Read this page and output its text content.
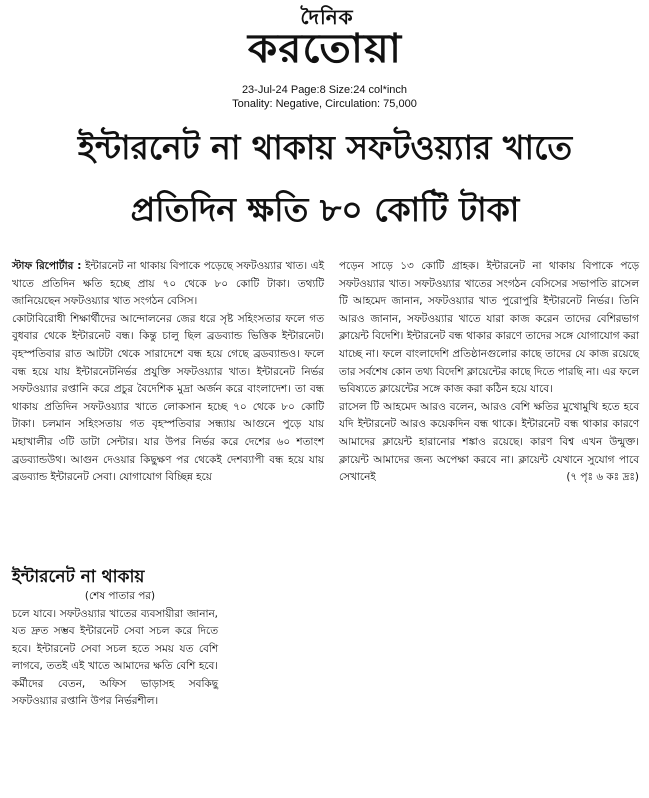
দৈনিক
করতোয়া
23-Jul-24 Page:8 Size:24 col*inch
Tonality: Negative, Circulation: 75,000
ইন্টারনেট না থাকায় সফটওয়্যার খাতে
প্রতিদিন ক্ষতি ৮০ কোটি টাকা

স্টাফ রিপোর্টার : ইন্টারনেট না থাকায় বিপাকে পড়েছে সফটওয়্যার খাত। এই খাতে প্রতিদিন ক্ষতি হচ্ছে প্রায় ৭০ থেকে ৮০ কোটি টাকা। তথ্যটি জানিয়েছেন সফটওয়্যার খাত সংগঠন বেসিস।

কোটাবিরোধী শিক্ষার্থীদের আন্দোলনের জের ধরে সৃষ্ট সহিংসতার ফলে গত বুধবার থেকে ইন্টারনেট বন্ধ। কিন্তু চালু ছিল ব্রডব্যান্ড ভিত্তিক ইন্টারনেট। বৃহস্পতিবার রাত আটটা থেকে সারাদেশে বন্ধ হয়ে গেছে ব্রডব্যান্ডও। ফলে বন্ধ হয়ে যায় ইন্টারনেটনির্ভর প্রযুক্তি সফটওয়্যার খাত। ইন্টারনেট নির্ভর সফটওয়্যার রপ্তানি করে প্রচুর বৈদেশিক মুদ্রা অর্জন করে বাংলাদেশ। তা বন্ধ থাকায় প্রতিদিন সফটওয়্যার খাতে লোকসান হচ্ছে ৭০ থেকে ৮০ কোটি টাকা। চলমান সহিংসতায় গত বৃহস্পতিবার সন্ধ্যায় আগুনে পুড়ে যায় মহাখালীর ৩টি ডাটা সেন্টার। যার উপর নির্ভর করে দেশের ৬০ শতাংশ ব্রডব্যান্ডউথ। আগুন দেওয়ার কিছুক্ষণ পর থেকেই দেশব্যাপী বন্ধ হয়ে যায় ব্রডব্যান্ড ইন্টারনেট সেবা। যোগাযোগ বিচ্ছিন্ন হয়ে

পড়েন সাড়ে ১৩ কোটি গ্রাহক। ইন্টারনেট না থাকায় বিপাকে পড়ে সফটওয়্যার খাত। সফটওয়্যার খাতের সংগঠন বেসিসের সভাপতি রাসেল টি আহমেদ জানান, সফটওয়্যার খাত পুরোপুরি ইন্টারনেট নির্ভর। তিনি আরও জানান, সফটওয়্যার খাতে যারা কাজ করেন তাদের বেশিরভাগ ক্লায়েন্ট বিদেশি। ইন্টারনেট বন্ধ থাকার কারণে তাদের সঙ্গে যোগাযোগ করা যাচ্ছে না। ফলে বাংলাদেশি প্রতিষ্ঠানগুলোর কাছে তাদের যে কাজ রয়েছে তার সর্বশেষ কোন তথ্য বিদেশি ক্লায়েন্টের কাছে দিতে পারছি না। এর ফলে ভবিষ্যতে ক্লায়েন্টের সঙ্গে কাজ করা কঠিন হয়ে যাবে।

রাসেল টি আহমেদ আরও বলেন, আরও বেশি ক্ষতির মুখোমুখি হতে হবে যদি ইন্টারনেট আরও কয়েকদিন বন্ধ থাকে। ইন্টারনেট বন্ধ থাকার কারণে আমাদের ক্লায়েন্ট হারানোর শঙ্কাও রয়েছে। কারণ বিশ্ব এখন উন্মুক্ত। ক্লায়েন্ট আমাদের জন্য অপেক্ষা করবে না। ক্লায়েন্ট যেখানে সুযোগ পাবে সেখানেই	(৭ পৃঃ ৬ কঃ দ্রঃ)

ইন্টারনেট না থাকায়
(শেষ পাতার পর)
চলে যাবে। সফটওয়্যার খাতের ব্যবসায়ীরা জানান, যত দ্রুত সম্ভব ইন্টারনেট সেবা সচল করে দিতে হবে। ইন্টারনেট সেবা সচল হতে সময় যত বেশি লাগবে, ততই এই খাতে আমাদের ক্ষতি বেশি হবে। কর্মীদের বেতন, অফিস ভাড়াসহ সবকিছু সফটওয়্যার রপ্তানি উপর নির্ভরশীল।
